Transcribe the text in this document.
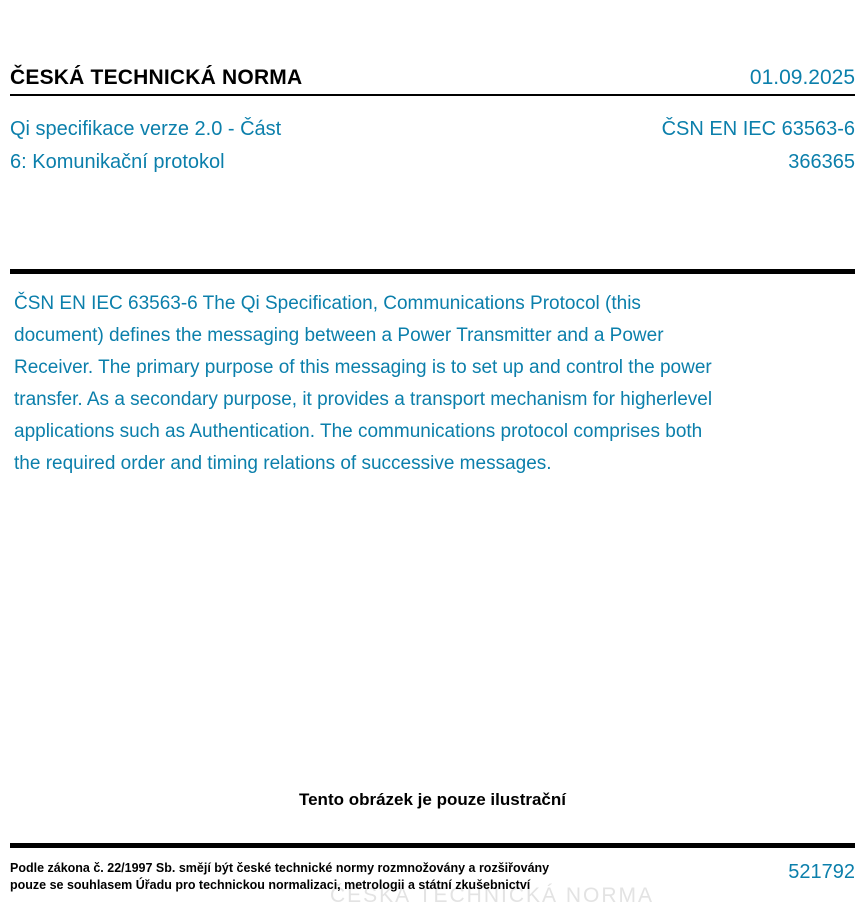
ČESKÁ TECHNICKÁ NORMA	01.09.2025
Qi specifikace verze 2.0 - Část
6: Komunikační protokol
ČSN EN IEC 63563-6
366365
ČSN EN IEC 63563-6 The Qi Specification, Communications Protocol (this document) defines the messaging between a Power Transmitter and a Power Receiver. The primary purpose of this messaging is to set up and control the power transfer. As a secondary purpose, it provides a transport mechanism for higherlevel applications such as Authentication. The communications protocol comprises both the required order and timing relations of successive messages.
Tento obrázek je pouze ilustrační
ČESKÁ TECHNICKÁ NORMA
Podle zákona č. 22/1997 Sb. smějí být české technické normy rozmnožovány a rozšiřovány
pouze se souhlasem Úřadu pro technickou normalizaci, metrologii a státní zkušebnictví
521792
